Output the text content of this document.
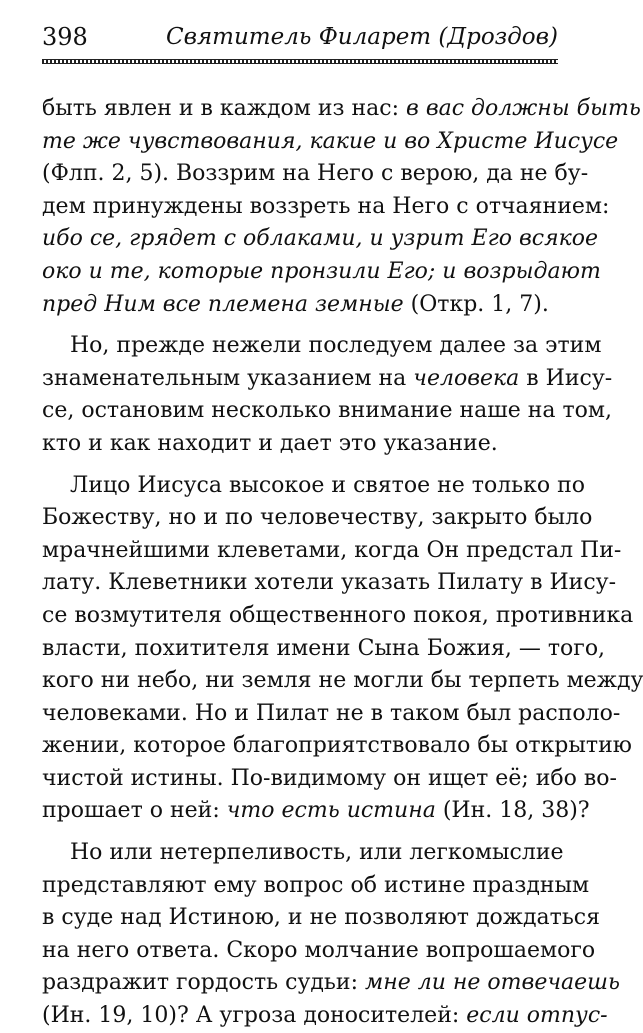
398	Святитель Филарет (Дроздов)
быть явлен и в каждом из нас: в вас должны быть
те же чувствования, какие и во Христе Иисусе
(Флп. 2, 5). Воззрим на Него с верою, да не бу-
дем принуждены воззреть на Него с отчаянием:
ибо се, грядет с облаками, и узрит Его всякое
око и те, которые пронзили Его; и возрыдают
пред Ним все племена земные (Откр. 1, 7).
Но, прежде нежели последуем далее за этим
знаменательным указанием на человека в Иису-
се, остановим несколько внимание наше на том,
кто и как находит и дает это указание.
Лицо Иисуса высокое и святое не только по
Божеству, но и по человечеству, закрыто было
мрачнейшими клеветами, когда Он предстал Пи-
лату. Клеветники хотели указать Пилату в Иису-
се возмутителя общественного покоя, противника
власти, похитителя имени Сына Божия, — того,
кого ни небо, ни земля не могли бы терпеть между
человеками. Но и Пилат не в таком был располо-
жении, которое благоприятствовало бы открытию
чистой истины. По-видимому он ищет её; ибо во-
прошает о ней: что есть истина (Ин. 18, 38)?
Но или нетерпеливость, или легкомыслие
представляют ему вопрос об истине праздным
в суде над Истиною, и не позволяют дождаться
на него ответа. Скоро молчание вопрошаемого
раздражит гордость судьи: мне ли не отвечаешь
(Ин. 19, 10)? А угроза доносителей: если отпус-
